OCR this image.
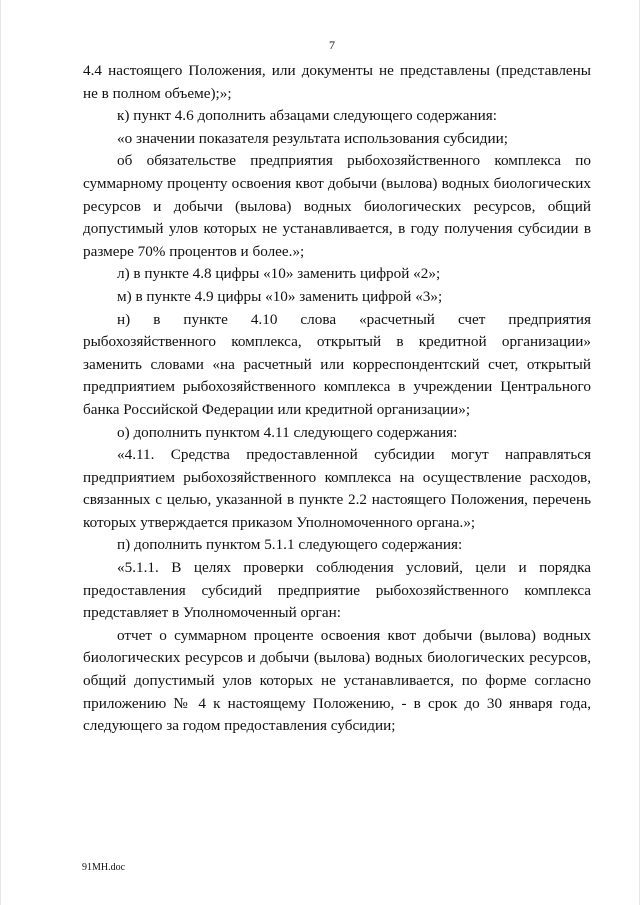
7

4.4 настоящего Положения, или документы не представлены (представлены не в полном объеме);»;

к) пункт 4.6 дополнить абзацами следующего содержания:

«о значении показателя результата использования субсидии;

об обязательстве предприятия рыбохозяйственного комплекса по суммарному проценту освоения квот добычи (вылова) водных биологических ресурсов и добычи (вылова) водных биологических ресурсов, общий допустимый улов которых не устанавливается, в году получения субсидии в размере 70% процентов и более.»;

л) в пункте 4.8 цифры «10» заменить цифрой «2»;

м) в пункте 4.9 цифры «10» заменить цифрой «3»;

н) в пункте 4.10 слова «расчетный счет предприятия рыбохозяйственного комплекса, открытый в кредитной организации» заменить словами «на расчетный или корреспондентский счет, открытый предприятием рыбохозяйственного комплекса в учреждении Центрального банка Российской Федерации или кредитной организации»;

о) дополнить пунктом 4.11 следующего содержания:

«4.11. Средства предоставленной субсидии могут направляться предприятием рыбохозяйственного комплекса на осуществление расходов, связанных с целью, указанной в пункте 2.2 настоящего Положения, перечень которых утверждается приказом Уполномоченного органа.»;

п) дополнить пунктом 5.1.1 следующего содержания:

«5.1.1. В целях проверки соблюдения условий, цели и порядка предоставления субсидий предприятие рыбохозяйственного комплекса представляет в Уполномоченный орган:

отчет о суммарном проценте освоения квот добычи (вылова) водных биологических ресурсов и добычи (вылова) водных биологических ресурсов, общий допустимый улов которых не устанавливается, по форме согласно приложению № 4 к настоящему Положению, - в срок до 30 января года, следующего за годом предоставления субсидии;

91МН.doc
